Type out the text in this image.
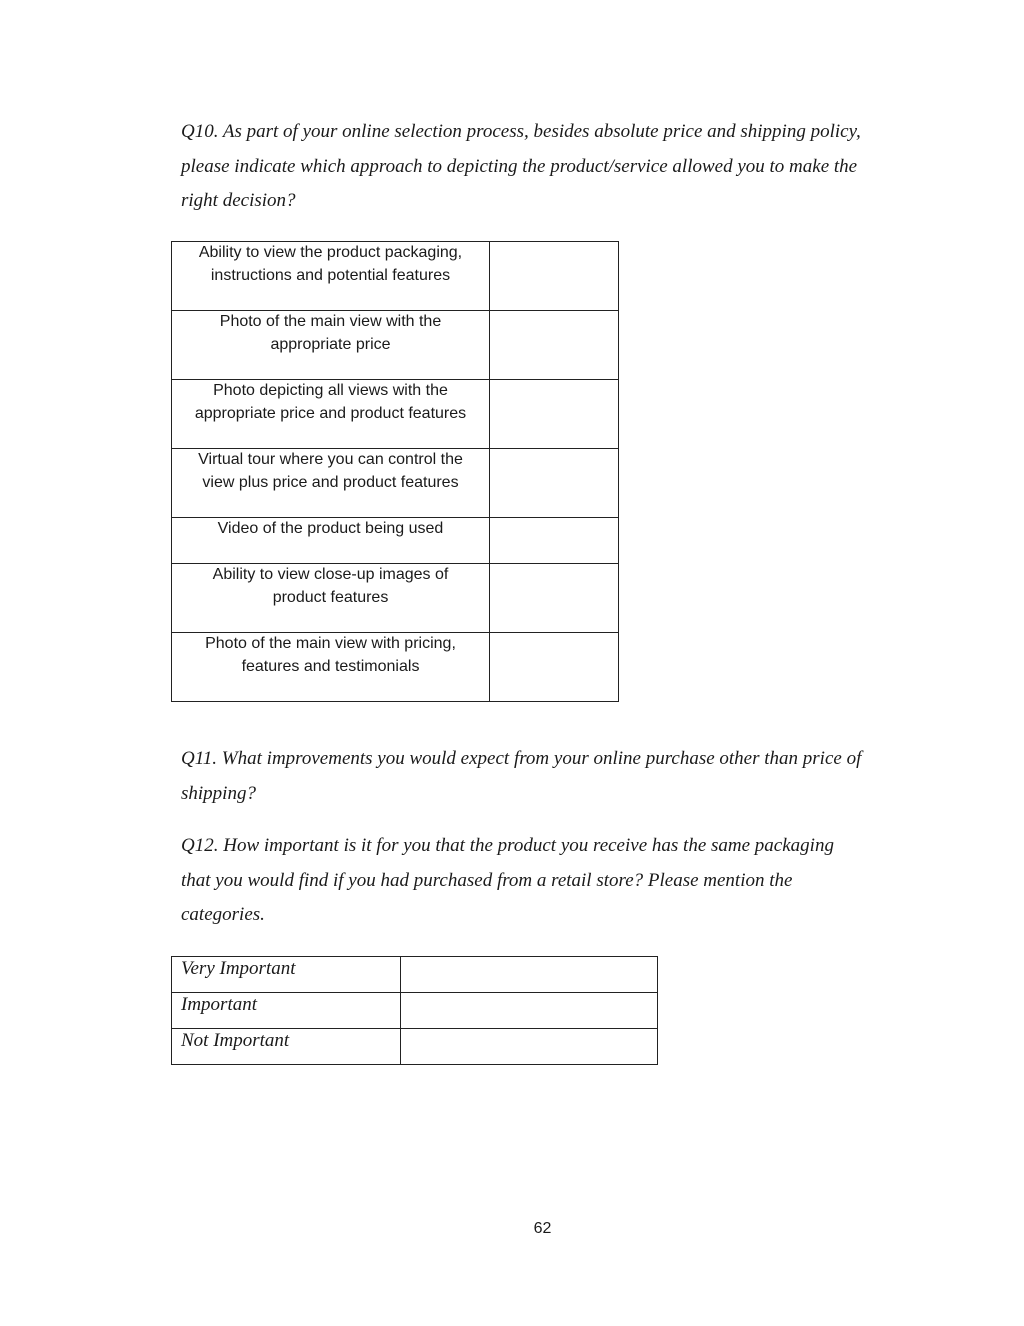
Q10. As part of your online selection process, besides absolute price and shipping policy,
please indicate which approach to depicting the product/service allowed you to make the
right decision?

Ability to view the product packaging,
instructions and potential features	

Photo of the main view with the
appropriate price	

Photo depicting all views with the
appropriate price and product features	

Virtual tour where you can control the
view plus price and product features	

Video of the product being used	

Ability to view close-up images of
product features	

Photo of the main view with pricing,
features and testimonials	

Q11. What improvements you would expect from your online purchase other than price of
shipping?

Q12. How important is it for you that the product you receive has the same packaging
that you would find if you had purchased from a retail store? Please mention the
categories.

Very Important	
Important	
Not Important	
62
